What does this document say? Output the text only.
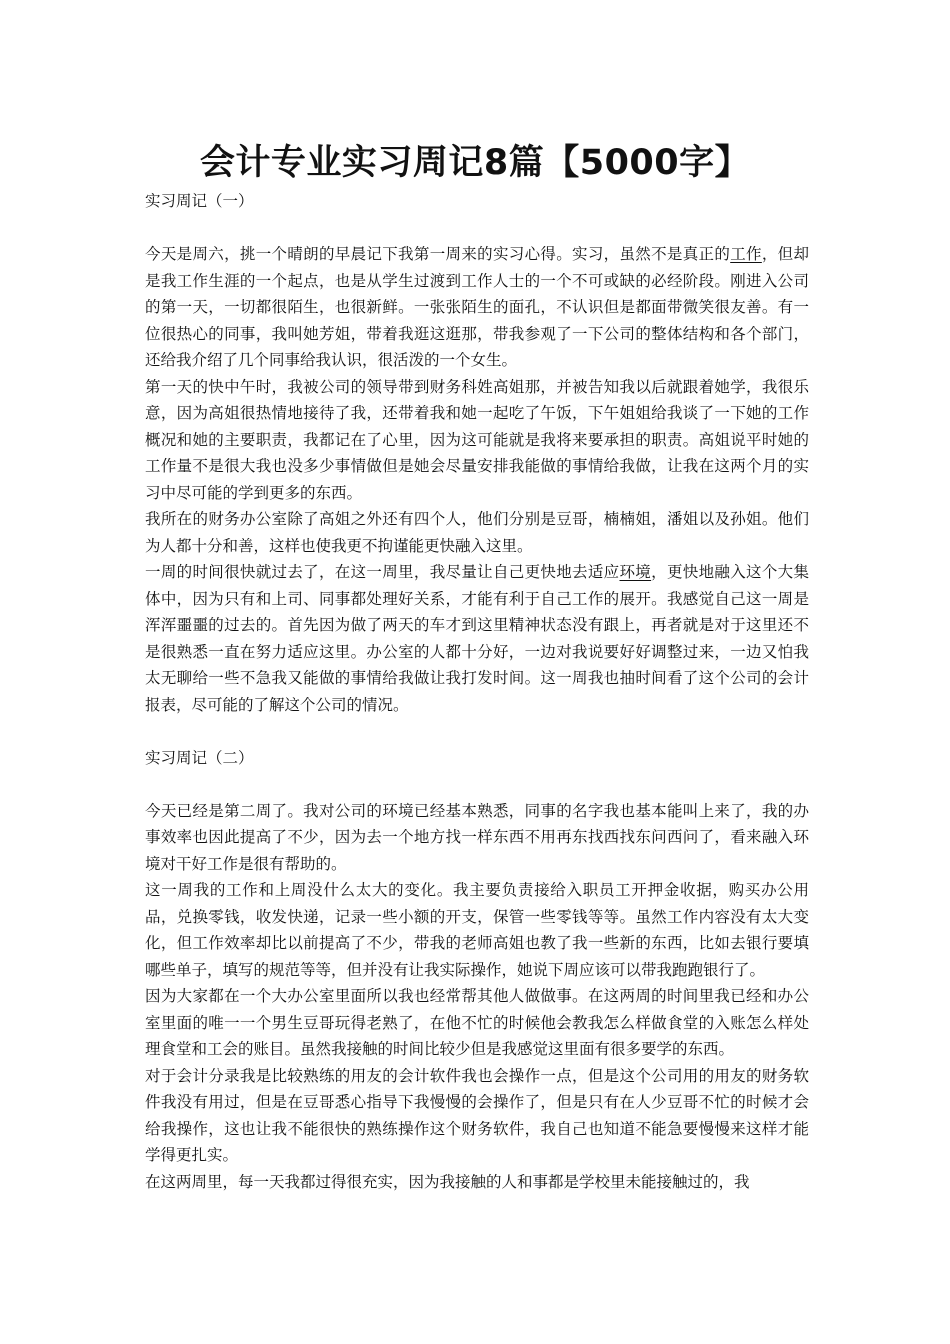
会计专业实习周记8篇【5000字】

实习周记（一）

今天是周六，挑一个晴朗的早晨记下我第一周来的实习心得。实习，虽然不是真正的工作，但却是我工作生涯的一个起点，也是从学生过渡到工作人士的一个不可或缺的必经阶段。刚进入公司的第一天，一切都很陌生，也很新鲜。一张张陌生的面孔，不认识但是都面带微笑很友善。有一位很热心的同事，我叫她芳姐，带着我逛这逛那，带我参观了一下公司的整体结构和各个部门，还给我介绍了几个同事给我认识，很活泼的一个女生。

第一天的快中午时，我被公司的领导带到财务科姓高姐那，并被告知我以后就跟着她学，我很乐意，因为高姐很热情地接待了我，还带着我和她一起吃了午饭，下午姐姐给我谈了一下她的工作概况和她的主要职责，我都记在了心里，因为这可能就是我将来要承担的职责。高姐说平时她的工作量不是很大我也没多少事情做但是她会尽量安排我能做的事情给我做，让我在这两个月的实习中尽可能的学到更多的东西。

我所在的财务办公室除了高姐之外还有四个人，他们分别是豆哥，楠楠姐，潘姐以及孙姐。他们为人都十分和善，这样也使我更不拘谨能更快融入这里。

一周的时间很快就过去了，在这一周里，我尽量让自己更快地去适应环境，更快地融入这个大集体中，因为只有和上司、同事都处理好关系，才能有利于自己工作的展开。我感觉自己这一周是浑浑噩噩的过去的。首先因为做了两天的车才到这里精神状态没有跟上，再者就是对于这里还不是很熟悉一直在努力适应这里。办公室的人都十分好，一边对我说要好好调整过来，一边又怕我太无聊给一些不急我又能做的事情给我做让我打发时间。这一周我也抽时间看了这个公司的会计报表，尽可能的了解这个公司的情况。

实习周记（二）

今天已经是第二周了。我对公司的环境已经基本熟悉，同事的名字我也基本能叫上来了，我的办事效率也因此提高了不少，因为去一个地方找一样东西不用再东找西找东问西问了，看来融入环境对干好工作是很有帮助的。

这一周我的工作和上周没什么太大的变化。我主要负责接给入职员工开押金收据，购买办公用品，兑换零钱，收发快递，记录一些小额的开支，保管一些零钱等等。虽然工作内容没有太大变化，但工作效率却比以前提高了不少，带我的老师高姐也教了我一些新的东西，比如去银行要填哪些单子，填写的规范等等，但并没有让我实际操作，她说下周应该可以带我跑跑银行了。

因为大家都在一个大办公室里面所以我也经常帮其他人做做事。在这两周的时间里我已经和办公室里面的唯一一个男生豆哥玩得老熟了，在他不忙的时候他会教我怎么样做食堂的入账怎么样处理食堂和工会的账目。虽然我接触的时间比较少但是我感觉这里面有很多要学的东西。

对于会计分录我是比较熟练的用友的会计软件我也会操作一点，但是这个公司用的用友的财务软件我没有用过，但是在豆哥悉心指导下我慢慢的会操作了，但是只有在人少豆哥不忙的时候才会给我操作，这也让我不能很快的熟练操作这个财务软件，我自己也知道不能急要慢慢来这样才能学得更扎实。

在这两周里，每一天我都过得很充实，因为我接触的人和事都是学校里未能接触过的，我
